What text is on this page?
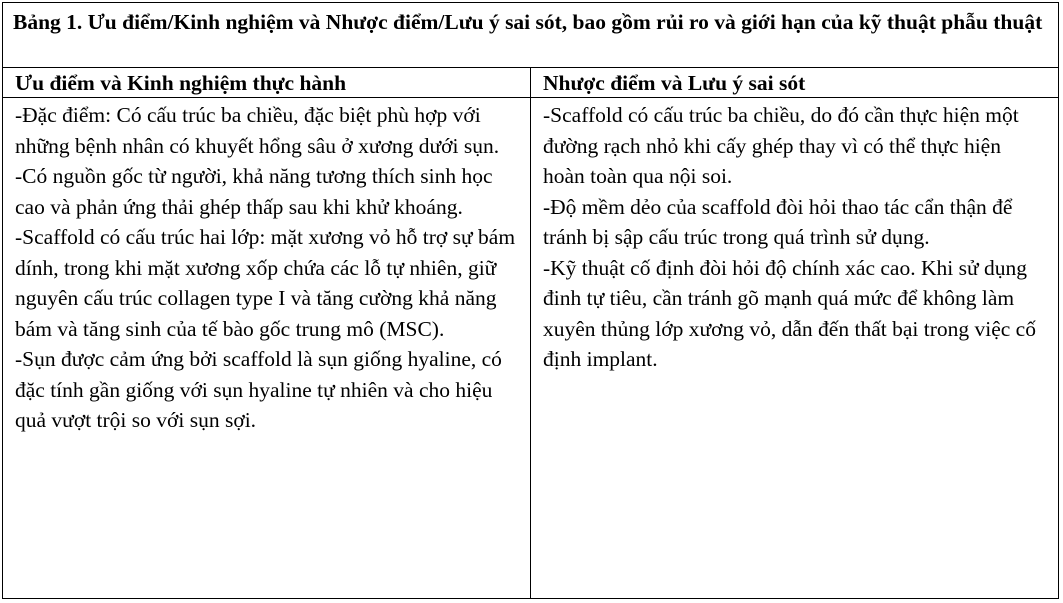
Bảng 1. Ưu điểm/Kinh nghiệm và Nhược điểm/Lưu ý sai sót, bao gồm rủi ro và giới hạn của kỹ thuật phẫu thuật
Ưu điểm và Kinh nghiệm thực hành

-Đặc điểm: Có cấu trúc ba chiều, đặc biệt phù hợp với những bệnh nhân có khuyết hổng sâu ở xương dưới sụn.

-Có nguồn gốc từ người, khả năng tương thích sinh học cao và phản ứng thải ghép thấp sau khi khử khoáng.

-Scaffold có cấu trúc hai lớp: mặt xương vỏ hỗ trợ sự bám dính, trong khi mặt xương xốp chứa các lỗ tự nhiên, giữ nguyên cấu trúc collagen type I và tăng cường khả năng bám và tăng sinh của tế bào gốc trung mô (MSC).

-Sụn được cảm ứng bởi scaffold là sụn giống hyaline, có đặc tính gần giống với sụn hyaline tự nhiên và cho hiệu quả vượt trội so với sụn sợi.

Nhược điểm và Lưu ý sai sót

-Scaffold có cấu trúc ba chiều, do đó cần thực hiện một đường rạch nhỏ khi cấy ghép thay vì có thể thực hiện hoàn toàn qua nội soi.

-Độ mềm dẻo của scaffold đòi hỏi thao tác cẩn thận để tránh bị sập cấu trúc trong quá trình sử dụng.

-Kỹ thuật cố định đòi hỏi độ chính xác cao. Khi sử dụng đinh tự tiêu, cần tránh gõ mạnh quá mức để không làm xuyên thủng lớp xương vỏ, dẫn đến thất bại trong việc cố định implant.
